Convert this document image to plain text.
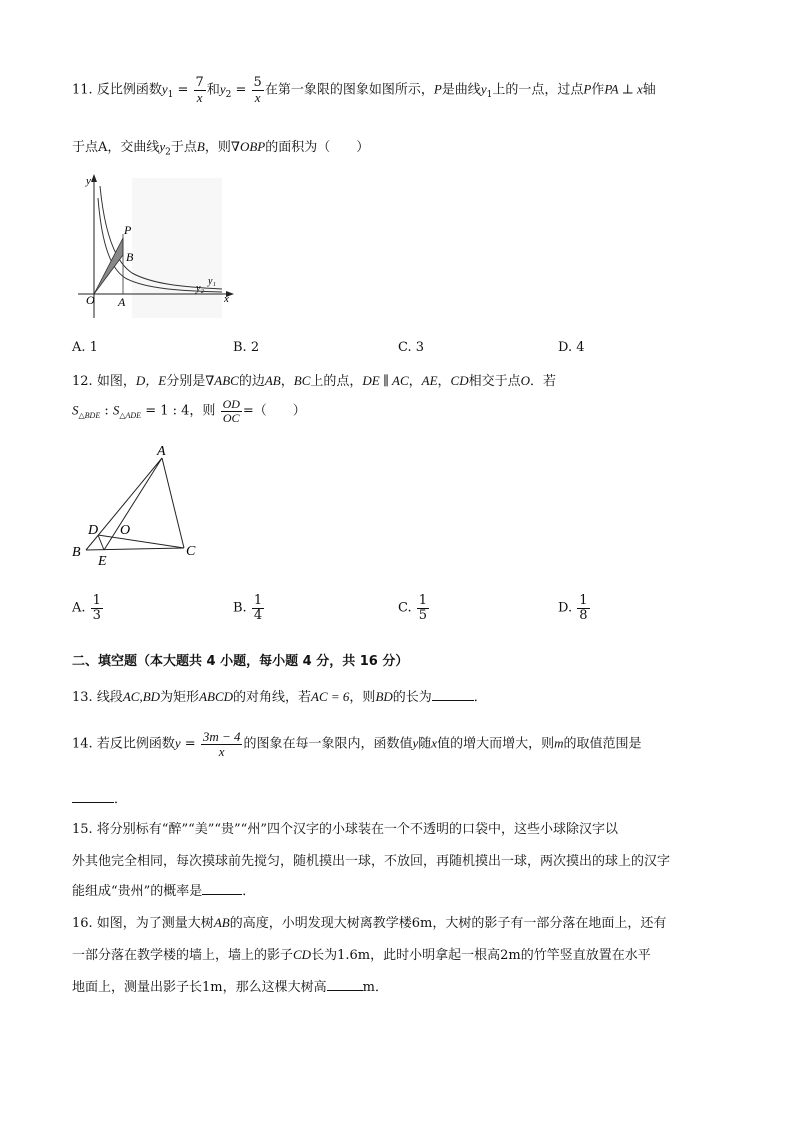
11. 反比例函数$y_1 = \frac{7}{x}$ 和$y_2 = \frac{5}{x}$ 在第一象限的图象如图所示，P是曲线$y_1$上的一点，过点P作PA ⊥ x轴
于点A，交曲线$y_2$于点B，则∇OBP的面积为（　　）
y
x
O A
P
B
y₁
y₂
A. 1	B. 2	C. 3	D. 4
12. 如图，D，E分别是∇ABC的边AB，BC上的点，DE ∥ AC，AE，CD相交于点O．若
$S_{\triangle BDE}$ : $S_{\triangle ADE} = 1$ : 4，则 $\frac{OD}{OC}$ =（　　）
A
B	C
D
E
O
A. $\frac{1}{3}$	B. $\frac{1}{4}$	C. $\frac{1}{5}$	D. $\frac{1}{8}$
二、填空题（本大题共 4 小题，每小题 4 分，共 16 分）
13. 线段AC,BD为矩形ABCD的对角线，若AC = 6，则BD的长为	．
14. 若反比例函数$y = \frac{3m - 4}{x}$ 的图象在每一象限内，函数值y随x值的增大而增大，则m的取值范围是
．
15. 将分别标有“醉”“美”“贵”“州”四个汉字的小球装在一个不透明的口袋中，这些小球除汉字以
外其他完全相同，每次摸球前先搅匀，随机摸出一球，不放回，再随机摸出一球，两次摸出的球上的汉字
能组成“贵州”的概率是	．
16. 如图，为了测量大树AB的高度，小明发现大树离教学楼6m，大树的影子有一部分落在地面上，还有
一部分落在教学楼的墙上，墙上的影子CD长为1.6m，此时小明拿起一根高2m的竹竿竖直放置在水平
地面上，测量出影子长1m，那么这棵大树高	m．
